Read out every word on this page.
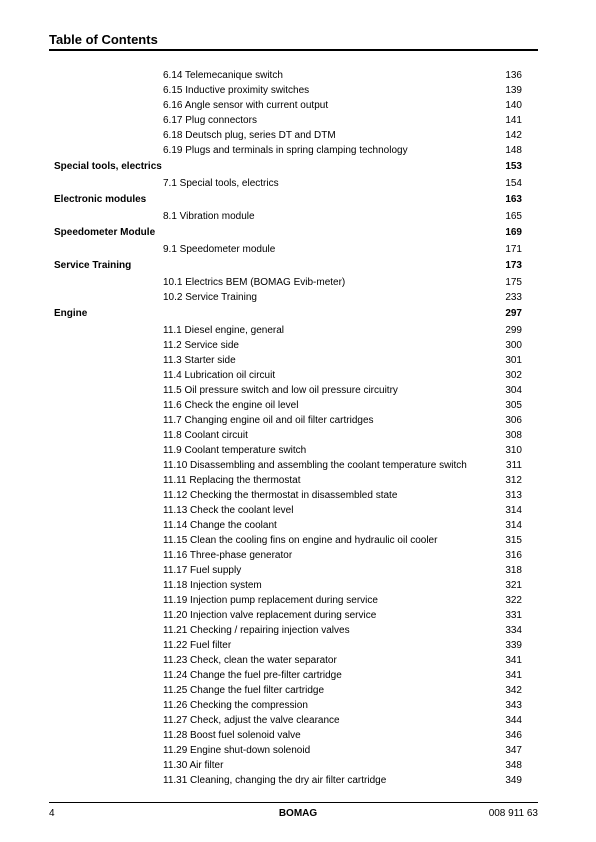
Table of Contents
6.14 Telemecanique switch	136
6.15 Inductive proximity switches	139
6.16 Angle sensor with current output	140
6.17 Plug connectors	141
6.18 Deutsch plug, series DT and DTM	142
6.19 Plugs and terminals in spring clamping technology	148
Special tools, electrics	153
7.1 Special tools, electrics	154
Electronic modules	163
8.1 Vibration module	165
Speedometer Module	169
9.1 Speedometer module	171
Service Training	173
10.1 Electrics BEM (BOMAG Evib-meter)	175
10.2 Service Training	233
Engine	297
11.1 Diesel engine, general	299
11.2 Service side	300
11.3 Starter side	301
11.4 Lubrication oil circuit	302
11.5 Oil pressure switch and low oil pressure circuitry	304
11.6 Check the engine oil level	305
11.7 Changing engine oil and oil filter cartridges	306
11.8 Coolant circuit	308
11.9 Coolant temperature switch	310
11.10 Disassembling and assembling the coolant temperature switch	311
11.11 Replacing the thermostat	312
11.12 Checking the thermostat in disassembled state	313
11.13 Check the coolant level	314
11.14 Change the coolant	314
11.15 Clean the cooling fins on engine and hydraulic oil cooler	315
11.16 Three-phase generator	316
11.17 Fuel supply	318
11.18 Injection system	321
11.19 Injection pump replacement during service	322
11.20 Injection valve replacement during service	331
11.21 Checking / repairing injection valves	334
11.22 Fuel filter	339
11.23 Check, clean the water separator	341
11.24 Change the fuel pre-filter cartridge	341
11.25 Change the fuel filter cartridge	342
11.26 Checking the compression	343
11.27 Check, adjust the valve clearance	344
11.28 Boost fuel solenoid valve	346
11.29 Engine shut-down solenoid	347
11.30 Air filter	348
11.31 Cleaning, changing the dry air filter cartridge	349
4	BOMAG	008 911 63
